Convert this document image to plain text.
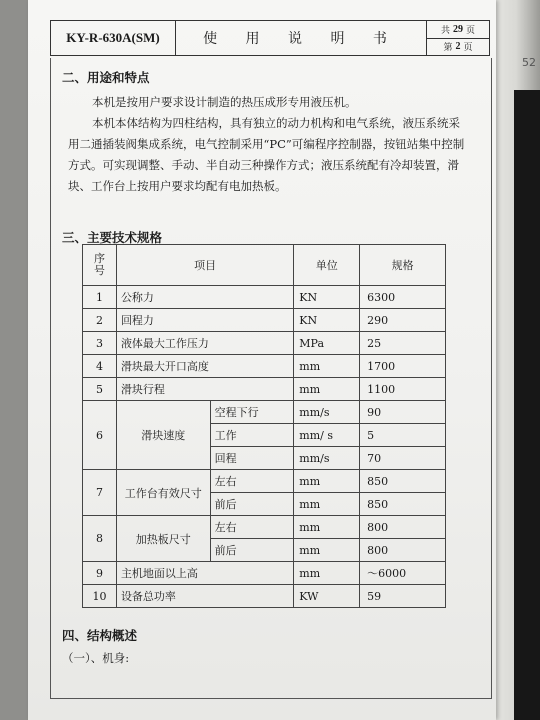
52
KY-R-630A(SM)	使 用 说 明 书
共 29 页
第 2 页
二、用途和特点

本机是按用户要求设计制造的热压成形专用液压机。

本机本体结构为四柱结构，具有独立的动力机构和电气系统，液压系统采用二通插装阀集成系统，电气控制采用“PC”可编程序控制器，按钮站集中控制方式。可实现调整、手动、半自动三种操作方式；液压系统配有冷却装置，滑块、工作台上按用户要求均配有电加热板。

三、主要技术规格
序
号	项目		单位	规格
1	公称力		KN	6300
2	回程力		KN	290
3	液体最大工作压力		MPa	25
4	滑块最大开口高度		mm	1700
5	滑块行程		mm	1100
6	滑块速度	空程下行	mm/s	90
		工作	mm/ s	5
		回程	mm/s	70
7	工作台有效尺寸	左右	mm	850
		前后	mm	850
8	加热板尺寸	左右	mm	800
		前后	mm	800
9	主机地面以上高		mm	～6000
10	设备总功率		KW	59
四、结构概述
（一）、机身:
